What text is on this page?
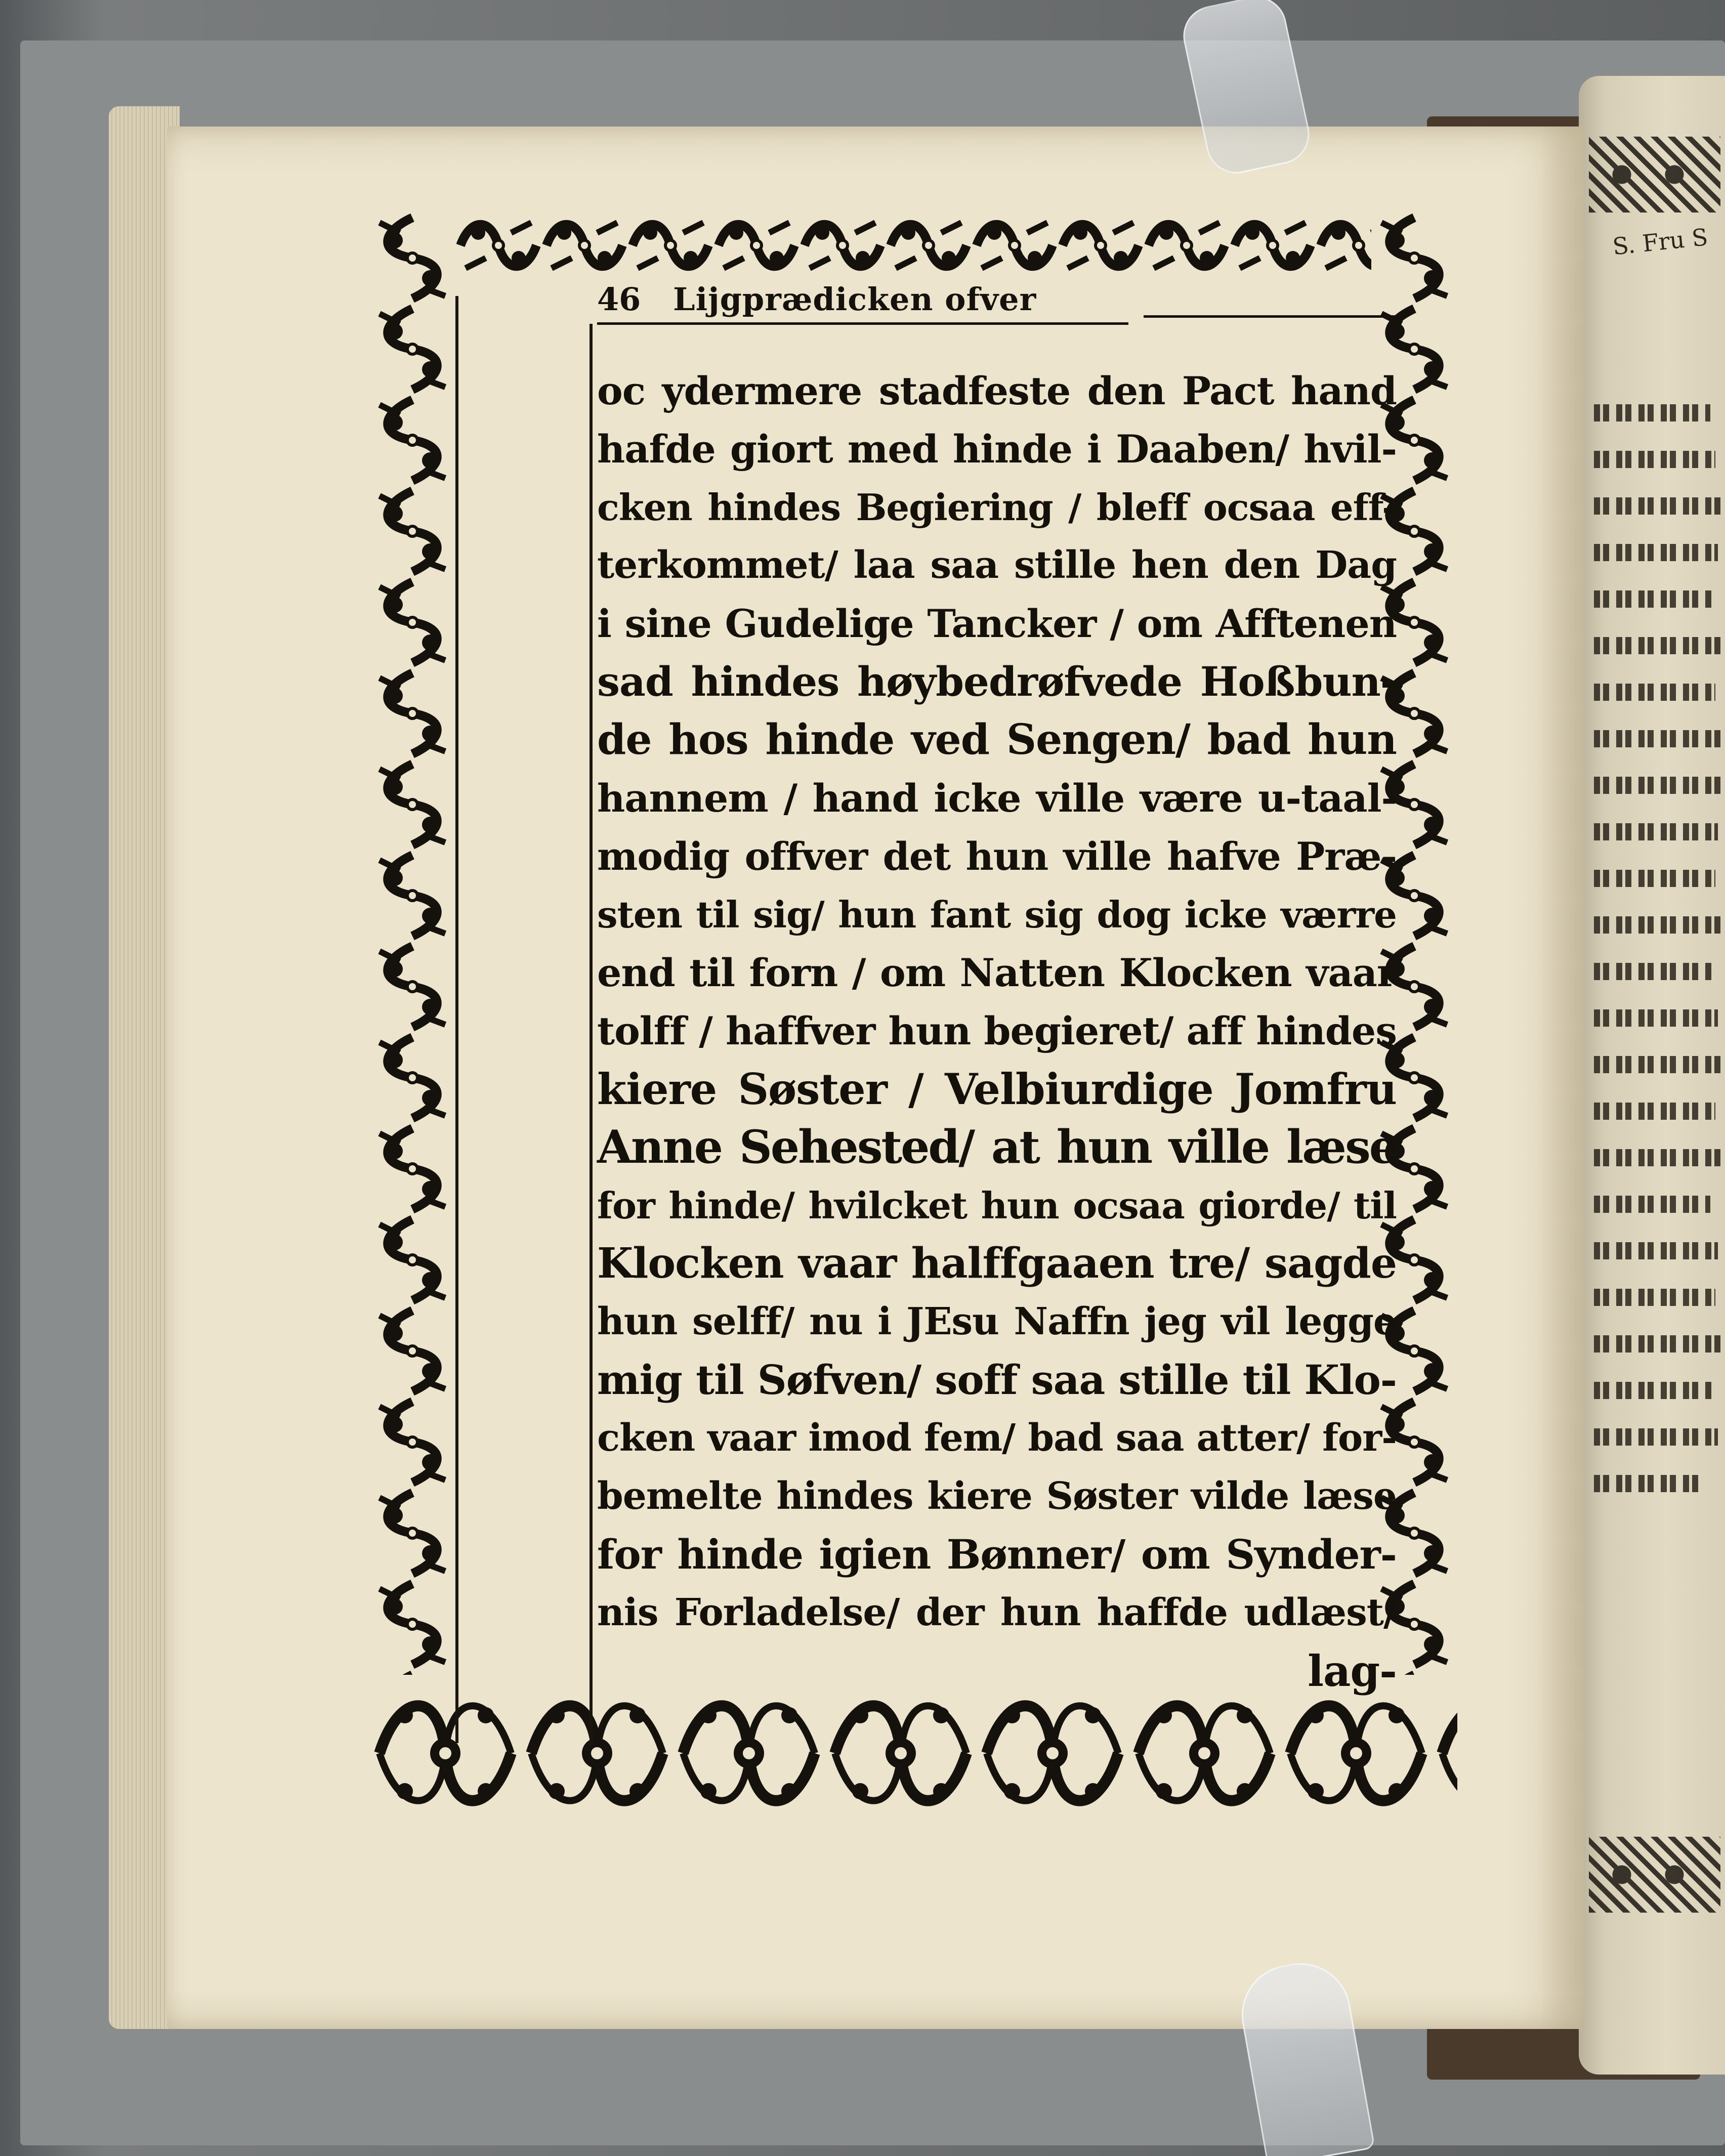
S. Fru S
46 Lijgprædicken ofver
oc ydermere stadfeste den Pact hand
hafde giort med hinde i Daaben/ hvil-
cken hindes Begiering / bleff ocsaa eff-
terkommet/ laa saa stille hen den Dag
i sine Gudelige Tancker / om Afftenen
sad hindes høybedrøfvede Hoßbun-
de hos hinde ved Sengen/ bad hun
hannem / hand icke ville være u-taal-
modig offver det hun ville hafve Præ-
sten til sig/ hun fant sig dog icke værre
end til forn / om Natten Klocken vaar
tolff / haffver hun begieret/ aff hindes
kiere Søster / Velbiurdige Jomfru
Anne Sehested/ at hun ville læse
for hinde/ hvilcket hun ocsaa giorde/ til
Klocken vaar halffgaaen tre/ sagde
hun selff/ nu i JEsu Naffn jeg vil legge
mig til Søfven/ soff saa stille til Klo-
cken vaar imod fem/ bad saa atter/ for-
bemelte hindes kiere Søster vilde læse
for hinde igien Bønner/ om Synder-
nis Forladelse/ der hun haffde udlæst/
lag-
